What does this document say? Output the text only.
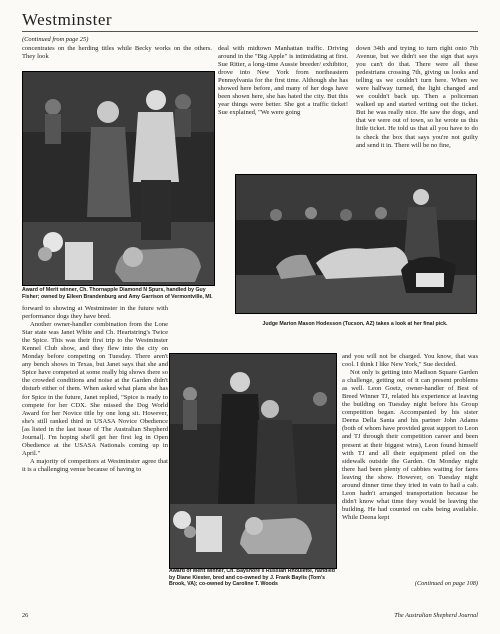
Westminster
(Continued from page 25)

concentrates on the herding titles while Becky works on the others. They look

Award of Merit winner, Ch. Thornapple Diamond N Spurs, handled by Guy Fisher; owned by Eileen Brandenburg and Amy Garrison of Vermontville, MI.

deal with midtown Manhattan traffic. Driving around in the "Big Apple" is intimidating at first. Sue Ritter, a long-time Aussie breeder/ exhibitor, drove into New York from northeastern Pennsylvania for the first time. Although she has showed here before, and many of her dogs have been shown here, she has hated the city. But this year things were better. She got a traffic ticket! Sue explained, "We were going

down 34th and trying to turn right onto 7th Avenue, but we didn't see the sign that says you can't do that. There were all these pedestrians crossing 7th, giving us looks and telling us we couldn't turn here. When we were halfway turned, the light changed and we couldn't back up. Then a policeman walked up and started writing out the ticket. But he was really nice. He saw the dogs, and that we were out of town, so he wrote us this little ticket. He told us that all you have to do is check the box that says you're not guilty and send it in. There will be no fine,

Judge Marion Mason Hodesson (Tucson, AZ) takes a look at her final pick.

forward to showing at Westminster in the future with performance dogs they have bred.

Another owner-handler combination from the Lone Star state was Janet White and Ch. Heartstring's Twice the Spice. This was their first trip to the Westminster Kennel Club show, and they flew into the city on Monday before competing on Tuesday. There aren't any bench shows in Texas, but Janet says that she and Spice have competed at some really big shows there so the crowded conditions and noise at the Garden didn't disturb either of them. When asked what plans she has for Spice in the future, Janet replied, "Spice is ready to compete for her CDX. She missed the Dog World Award for her Novice title by one long sit. However, she's still ranked third in USASA Novice Obedience [as listed in the last issue of The Australian Shepherd Journal]. I'm hoping she'll get her first leg in Open Obedience at the USASA Nationals coming up in April."

A majority of competitors at Westminster agree that it is a challenging venue because of having to

Award of Merit winner, Ch. Bayshore's Russian Rhoulette, handled by Diane Kiester, bred and co-owned by J. Frank Baylis (Tom's Brook, VA); co-owned by Caroline T. Woods

and you will not be charged. You know, that was cool. I think I like New York," Sue decided.

Not only is getting into Madison Square Garden a challenge, getting out of it can present problems as well. Leon Goetz, owner-handler of Best of Breed Winner TJ, related his experience at leaving the building on Tuesday night before his Group competition began. Accompanied by his sister Deena Della Santa and his partner John Adams (both of whom have provided great support to Leon and TJ through their competition career and been present at their biggest wins), Leon found himself with TJ and all their equipment piled on the sidewalk outside the Garden. On Monday night there had been plenty of cabbies waiting for fares leaving the show. However, on Tuesday night around dinner time they tried in vain to hail a cab. Leon hadn't arranged transportation because he didn't know what time they would be leaving the building. He had counted on cabs being available. While Deena kept

(Continued on page 108)
26	The Australian Shepherd Journal
